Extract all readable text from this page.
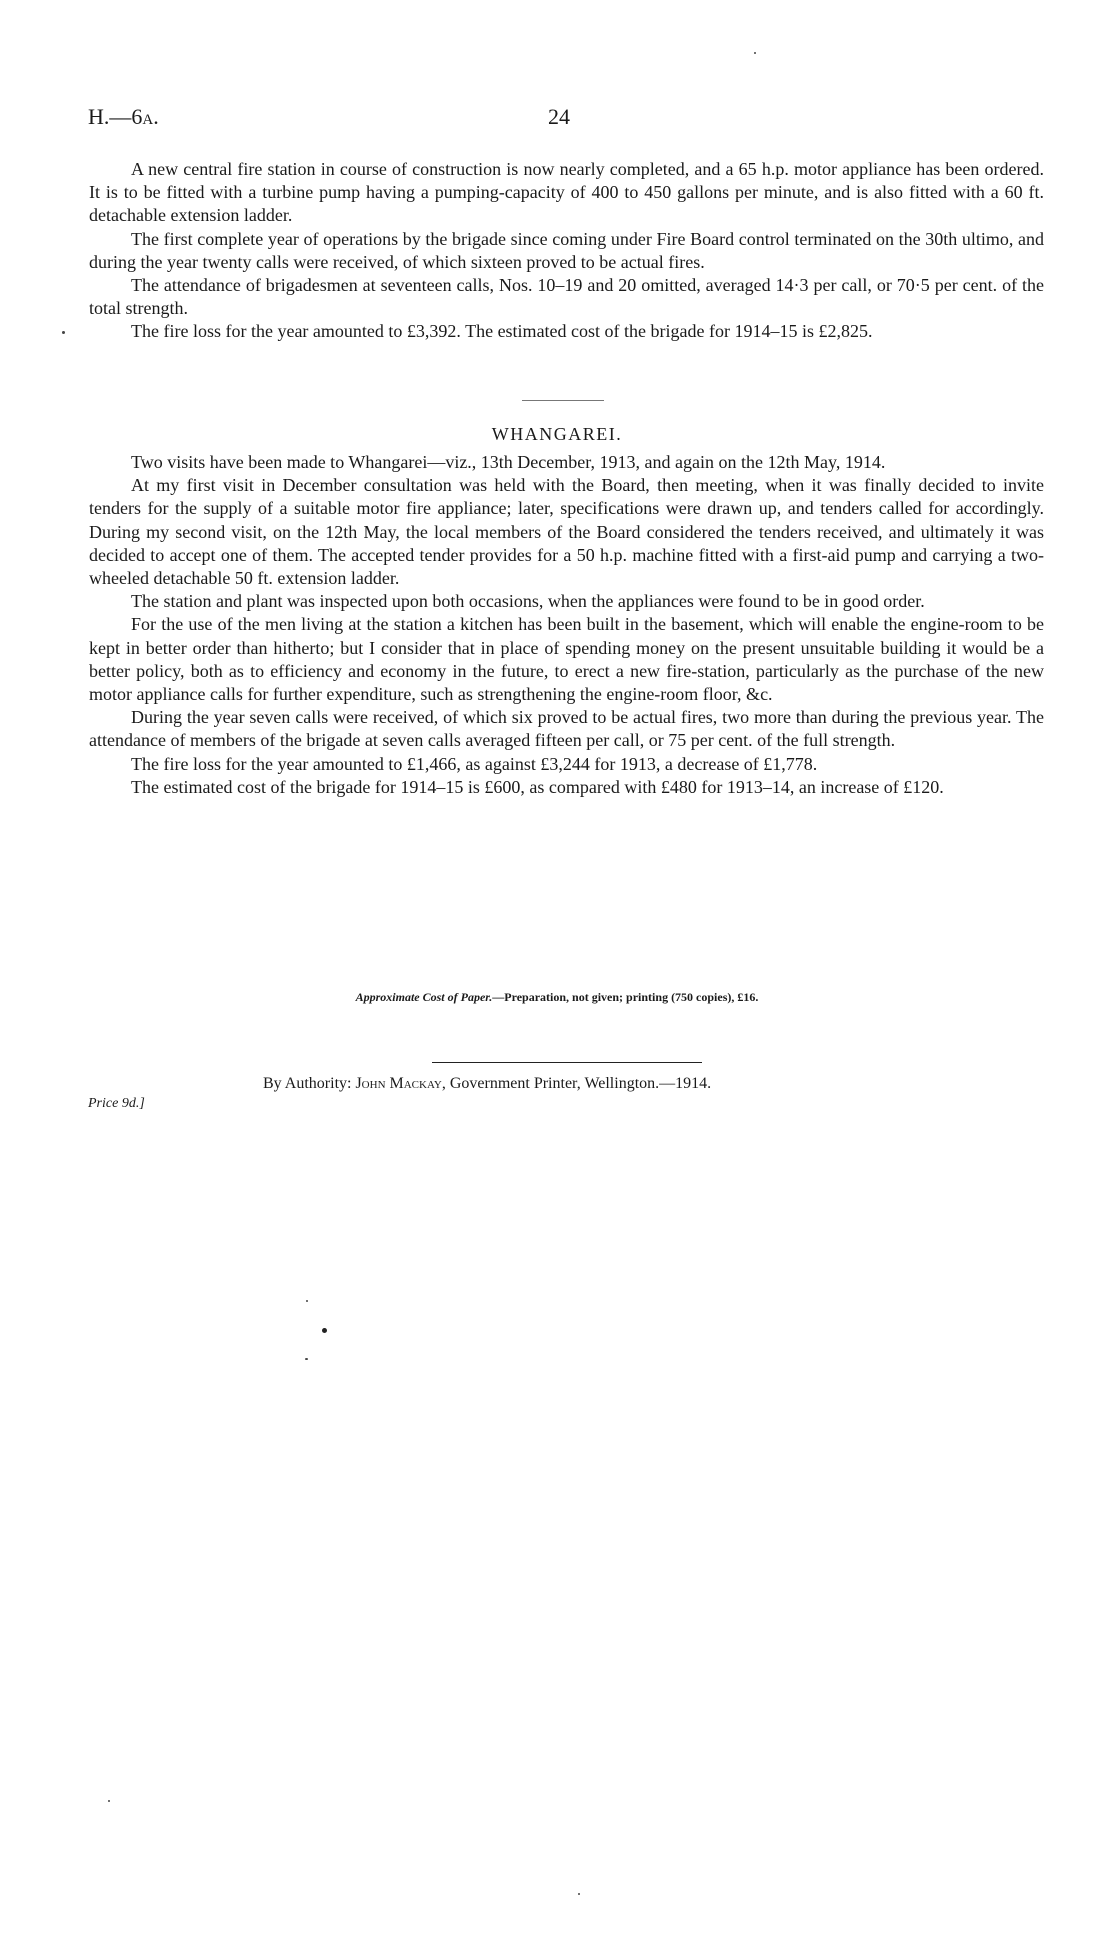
H.—6a.	24

A new central fire station in course of construction is now nearly completed, and a 65 h.p. motor appliance has been ordered. It is to be fitted with a turbine pump having a pumping-capacity of 400 to 450 gallons per minute, and is also fitted with a 60 ft. detachable extension ladder.

The first complete year of operations by the brigade since coming under Fire Board control terminated on the 30th ultimo, and during the year twenty calls were received, of which sixteen proved to be actual fires.

The attendance of brigadesmen at seventeen calls, Nos. 10–19 and 20 omitted, averaged 14·3 per call, or 70·5 per cent. of the total strength.

The fire loss for the year amounted to £3,392. The estimated cost of the brigade for 1914–15 is £2,825.

WHANGAREI.

Two visits have been made to Whangarei—viz., 13th December, 1913, and again on the 12th May, 1914.

At my first visit in December consultation was held with the Board, then meeting, when it was finally decided to invite tenders for the supply of a suitable motor fire appliance; later, specifications were drawn up, and tenders called for accordingly. During my second visit, on the 12th May, the local members of the Board considered the tenders received, and ultimately it was decided to accept one of them. The accepted tender provides for a 50 h.p. machine fitted with a first-aid pump and carrying a two-wheeled detachable 50 ft. extension ladder.

The station and plant was inspected upon both occasions, when the appliances were found to be in good order.

For the use of the men living at the station a kitchen has been built in the basement, which will enable the engine-room to be kept in better order than hitherto; but I consider that in place of spending money on the present unsuitable building it would be a better policy, both as to efficiency and economy in the future, to erect a new fire-station, particularly as the purchase of the new motor appliance calls for further expenditure, such as strengthening the engine-room floor, &c.

During the year seven calls were received, of which six proved to be actual fires, two more than during the previous year. The attendance of members of the brigade at seven calls averaged fifteen per call, or 75 per cent. of the full strength.

The fire loss for the year amounted to £1,466, as against £3,244 for 1913, a decrease of £1,778.

The estimated cost of the brigade for 1914–15 is £600, as compared with £480 for 1913–14, an increase of £120.

Approximate Cost of Paper.—Preparation, not given; printing (750 copies), £16.
By Authority: John Mackay, Government Printer, Wellington.—1914.
Price 9d.]
